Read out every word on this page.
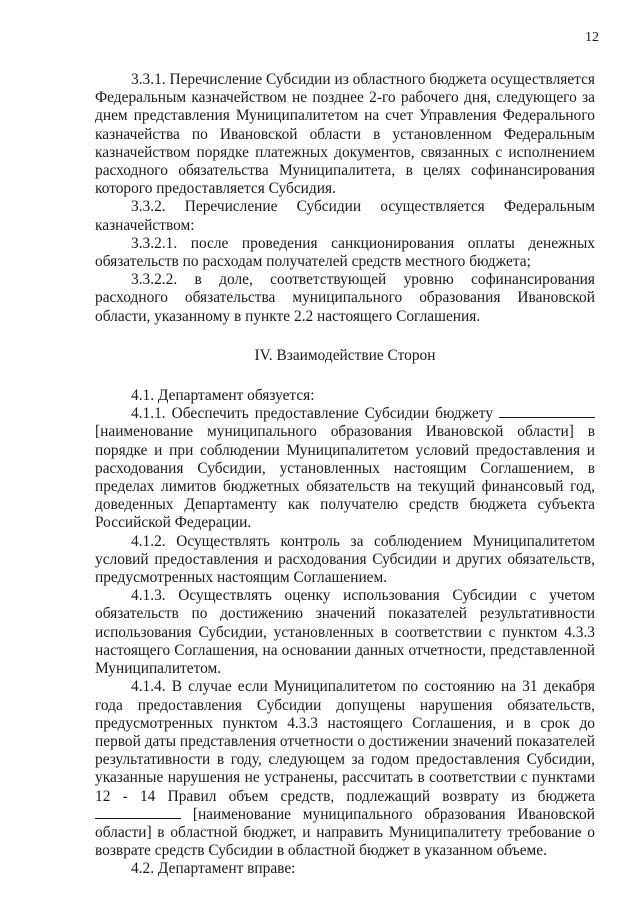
12

3.3.1. Перечисление Субсидии из областного бюджета осуществляется Федеральным казначейством не позднее 2-го рабочего дня, следующего за днем представления Муниципалитетом на счет Управления Федерального казначейства по Ивановской области в установленном Федеральным казначейством порядке платежных документов, связанных с исполнением расходного обязательства Муниципалитета, в целях софинансирования которого предоставляется Субсидия.

3.3.2. Перечисление Субсидии осуществляется Федеральным казначейством:

3.3.2.1. после проведения санкционирования оплаты денежных обязательств по расходам получателей средств местного бюджета;

3.3.2.2. в доле, соответствующей уровню софинансирования расходного обязательства муниципального образования Ивановской области, указанному в пункте 2.2 настоящего Соглашения.

IV. Взаимодействие Сторон

4.1. Департамент обязуется:

4.1.1. Обеспечить предоставление Субсидии бюджету  [наименование муниципального образования Ивановской области] в порядке и при соблюдении Муниципалитетом условий предоставления и расходования Субсидии, установленных настоящим Соглашением, в пределах лимитов бюджетных обязательств на текущий финансовый год, доведенных Департаменту как получателю средств бюджета субъекта Российской Федерации.

4.1.2. Осуществлять контроль за соблюдением Муниципалитетом условий предоставления и расходования Субсидии и других обязательств, предусмотренных настоящим Соглашением.

4.1.3. Осуществлять оценку использования Субсидии с учетом обязательств по достижению значений показателей результативности использования Субсидии, установленных в соответствии с пунктом 4.3.3 настоящего Соглашения, на основании данных отчетности, представленной Муниципалитетом.

4.1.4. В случае если Муниципалитетом по состоянию на 31 декабря года предоставления Субсидии допущены нарушения обязательств, предусмотренных пунктом 4.3.3 настоящего Соглашения, и в срок до первой даты представления отчетности о достижении значений показателей результативности в году, следующем за годом предоставления Субсидии, указанные нарушения не устранены, рассчитать в соответствии с пунктами 12 - 14 Правил объем средств, подлежащий возврату из бюджета  [наименование муниципального образования Ивановской области] в областной бюджет, и направить Муниципалитету требование о возврате средств Субсидии в областной бюджет в указанном объеме.

4.2. Департамент вправе:
